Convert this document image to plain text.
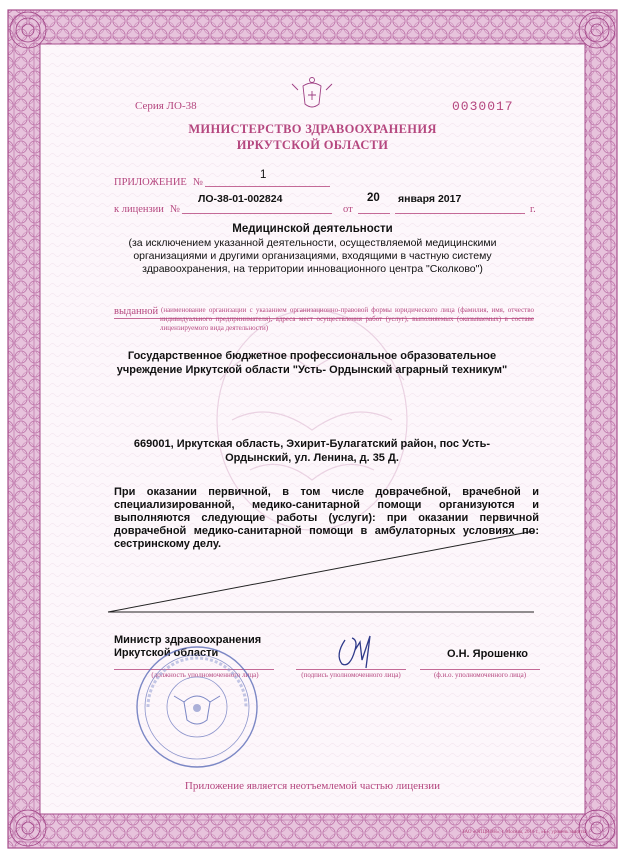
Серия ЛО-38	0030017

МИНИСТЕРСТВО ЗДРАВООХРАНЕНИЯ

ИРКУТСКОЙ ОБЛАСТИ

ПРИЛОЖЕНИЕ №

1

к лицензии №

ЛО-38-01-002824

от

20 января 2017

г.

Медицинской деятельности

(за исключением указанной деятельности, осуществляемой медицинскими организациями и другими организациями, входящими в частную систему здравоохранения, на территории инновационного центра "Сколково")

выданной (наименование организации с указанием организационно-правовой формы юридического лица (фамилия, имя, отчество индивидуального предпринимателя), адреса мест осуществления работ (услуг), выполняемых (оказываемых) в составе лицензируемого вида деятельности)

Государственное бюджетное профессиональное образовательное учреждение Иркутской области "Усть- Ордынский аграрный техникум"

669001, Иркутская область, Эхирит-Булагатский район, пос Усть-Ордынский, ул. Ленина, д. 35 Д.

При оказании первичной, в том числе доврачебной, врачебной и специализированной, медико-санитарной помощи организуются и выполняются следующие работы (услуги): при оказании первичной доврачебной медико-санитарной помощи в амбулаторных условиях по: сестринскому делу.

Министр здравоохранения

Иркутской области

(должность уполномоченного лица)	(подпись уполномоченного лица)

О.Н. Ярошенко

(ф.и.о. уполномоченного лица)

Приложение является неотъемлемой частью лицензии

ЗАО «ОПЦИОН», г. Москва, 2016 г., «Б», уровень защиты
